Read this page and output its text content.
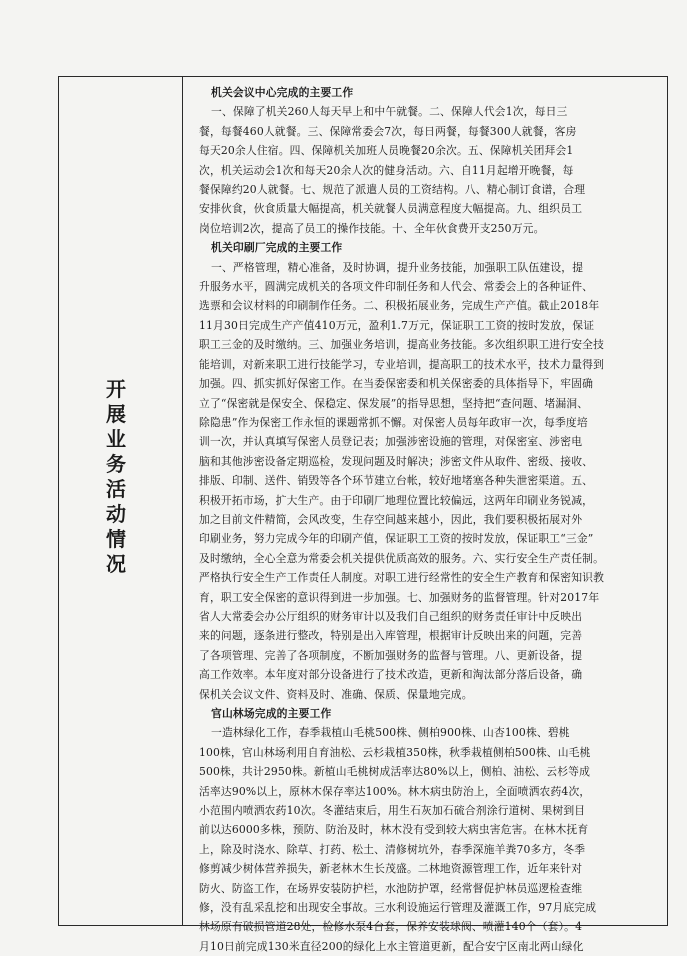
开展业务活动情况
机关会议中心完成的主要工作
一、保障了机关260人每天早上和中午就餐。二、保障人代会1次，每日三
餐，每餐460人就餐。三、保障常委会7次，每日两餐，每餐300人就餐，客房
每天20余人住宿。四、保障机关加班人员晚餐20余次。五、保障机关团拜会1
次，机关运动会1次和每天20余人次的健身活动。六、自11月起增开晚餐，每
餐保障约20人就餐。七、规范了派遣人员的工资结构。八、精心制订食谱，合理
安排伙食，伙食质量大幅提高，机关就餐人员满意程度大幅提高。九、组织员工
岗位培训2次，提高了员工的操作技能。十、全年伙食费开支250万元。
机关印刷厂完成的主要工作
一、严格管理，精心准备，及时协调，提升业务技能，加强职工队伍建设，提
升服务水平，圆满完成机关的各项文件印制任务和人代会、常委会上的各种证件、
选票和会议材料的印刷制作任务。二、积极拓展业务，完成生产产值。截止2018年
11月30日完成生产产值410万元，盈利1.7万元，保证职工工资的按时发放，保证
职工三金的及时缴纳。三、加强业务培训，提高业务技能。多次组织职工进行安全技
能培训，对新来职工进行技能学习，专业培训，提高职工的技术水平，技术力量得到
加强。四、抓实抓好保密工作。在当委保密委和机关保密委的具体指导下，牢固确
立了“保密就是保安全、保稳定、保发展”的指导思想，坚持把“查问题、堵漏洞、
除隐患”作为保密工作永恒的课题常抓不懈。对保密人员每年政审一次，每季度培
训一次，并认真填写保密人员登记表；加强涉密设施的管理，对保密室、涉密电
脑和其他涉密设备定期巡检，发现问题及时解决；涉密文件从取件、密级、接收、
排版、印制、送件、销毁等各个环节建立台帐，较好地堵塞各种失泄密渠道。五、
积极开拓市场，扩大生产。由于印刷厂地理位置比较偏远，这两年印刷业务锐减，
加之目前文件精简，会风改变，生存空间越来越小，因此，我们要积极拓展对外
印刷业务，努力完成今年的印刷产值，保证职工工资的按时发放，保证职工“三金”
及时缴纳，全心全意为常委会机关提供优质高效的服务。六、实行安全生产责任制。
严格执行安全生产工作责任人制度。对职工进行经常性的安全生产教育和保密知识教
育，职工安全保密的意识得到进一步加强。七、加强财务的监督管理。针对2017年
省人大常委会办公厅组织的财务审计以及我们自己组织的财务责任审计中反映出
来的问题，逐条进行整改，特别是出入库管理，根据审计反映出来的问题，完善
了各项管理、完善了各项制度，不断加强财务的监督与管理。八、更新设备，提
高工作效率。本年度对部分设备进行了技术改造，更新和淘汰部分落后设备，确
保机关会议文件、资料及时、准确、保质、保量地完成。
官山林场完成的主要工作
一造林绿化工作，春季栽植山毛桃500株、侧柏900株、山杏100株、碧桃
100株，官山林场利用自育油松、云杉栽植350株，秋季栽植侧柏500株、山毛桃
500株，共计2950株。新植山毛桃树成活率达80%以上，侧柏、油松、云杉等成
活率达90%以上，原林木保存率达100%。林木病虫防治上，全面喷洒农药4次，
小范围内喷洒农药10次。冬灌结束后，用生石灰加石硫合剂涂行道树、果树到目
前以达6000多株，预防、防治及时，林木没有受到较大病虫害危害。在林木抚育
上，除及时浇水、除草、打药、松土、清修树坑外，春季深施羊粪70多方，冬季
修剪减少树体营养损失，新老林木生长茂盛。二林地资源管理工作，近年来针对
防火、防盗工作，在场界安装防护栏，水池防护罩，经常督促护林员巡逻检查维
修，没有乱采乱挖和出现安全事故。三水利设施运行管理及灌溉工作，97月底完成
林场原有破损管道28处，检修水泵4台套，保养安装球阀、喷灌140个（套）。4
月10日前完成130米直径200的绿化上水主管道更新，配合安宁区南北两山绿化
